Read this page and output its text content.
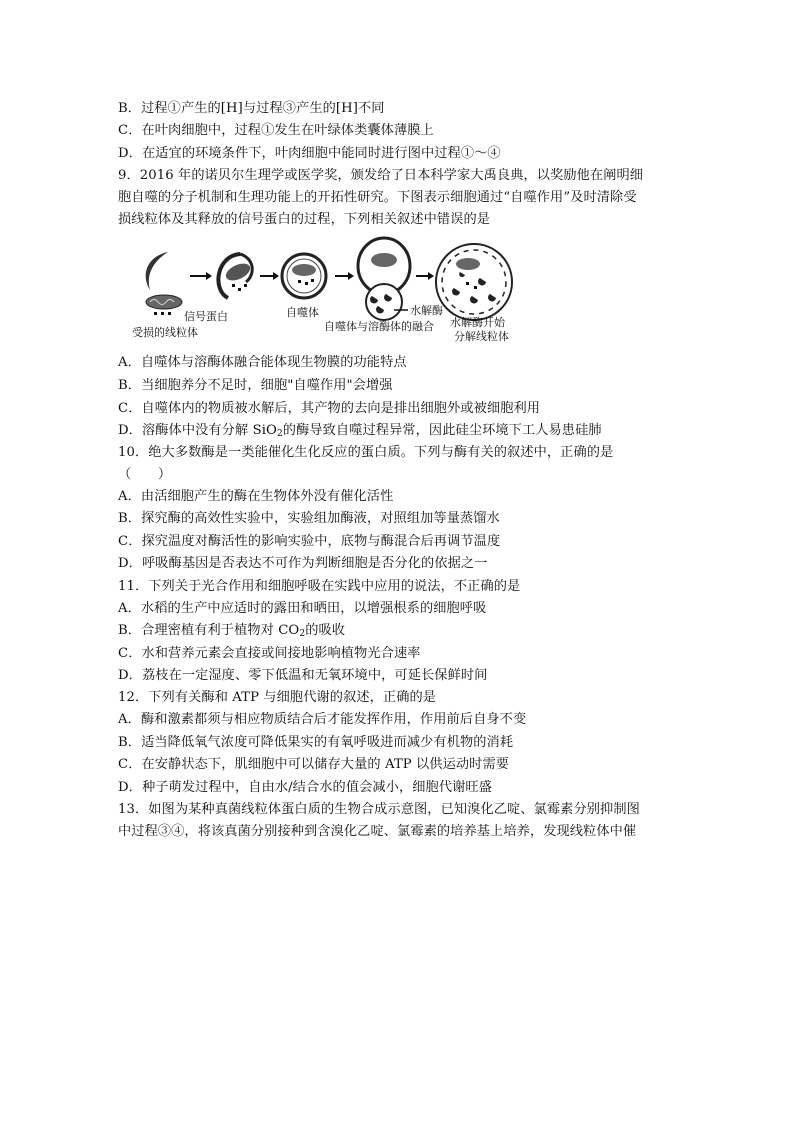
B．过程①产生的[H]与过程③产生的[H]不同
C．在叶肉细胞中，过程①发生在叶绿体类囊体薄膜上
D．在适宜的环境条件下，叶肉细胞中能同时进行图中过程①～④
9．2016 年的诺贝尔生理学或医学奖，颁发给了日本科学家大禹良典，以奖励他在阐明细
胞自噬的分子机制和生理功能上的开拓性研究。下图表示细胞通过“自噬作用”及时清除受
损线粒体及其释放的信号蛋白的过程，下列相关叙述中错误的是
信号蛋白
受损的线粒体
自噬体	水解酶
自噬体与溶酶体的融合 水解酶开始
分解线粒体
A．自噬体与溶酶体融合能体现生物膜的功能特点
B．当细胞养分不足时，细胞"自噬作用"会增强
C．自噬体内的物质被水解后，其产物的去向是排出细胞外或被细胞利用
D．溶酶体中没有分解 SiO$_2$的酶导致自噬过程异常，因此硅尘环境下工人易患硅肺
10．绝大多数酶是一类能催化生化反应的蛋白质。下列与酶有关的叙述中，正确的是
（　　）
A．由活细胞产生的酶在生物体外没有催化活性
B．探究酶的高效性实验中，实验组加酶液，对照组加等量蒸馏水
C．探究温度对酶活性的影响实验中，底物与酶混合后再调节温度
D．呼吸酶基因是否表达不可作为判断细胞是否分化的依据之一
11．下列关于光合作用和细胞呼吸在实践中应用的说法，不正确的是
A．水稻的生产中应适时的露田和晒田，以增强根系的细胞呼吸
B．合理密植有利于植物对 $CO_2$的吸收
C．水和营养元素会直接或间接地影响植物光合速率
D．荔枝在一定湿度、零下低温和无氧环境中，可延长保鲜时间
12．下列有关酶和 ATP 与细胞代谢的叙述，正确的是
A．酶和激素都须与相应物质结合后才能发挥作用，作用前后自身不变
B．适当降低氧气浓度可降低果实的有氧呼吸进而减少有机物的消耗
C．在安静状态下，肌细胞中可以储存大量的 ATP 以供运动时需要
D．种子萌发过程中，自由水/结合水的值会减小，细胞代谢旺盛
13．如图为某种真菌线粒体蛋白质的生物合成示意图，已知溴化乙啶、氯霉素分别抑制图
中过程③④，将该真菌分别接种到含溴化乙啶、氯霉素的培养基上培养，发现线粒体中催
